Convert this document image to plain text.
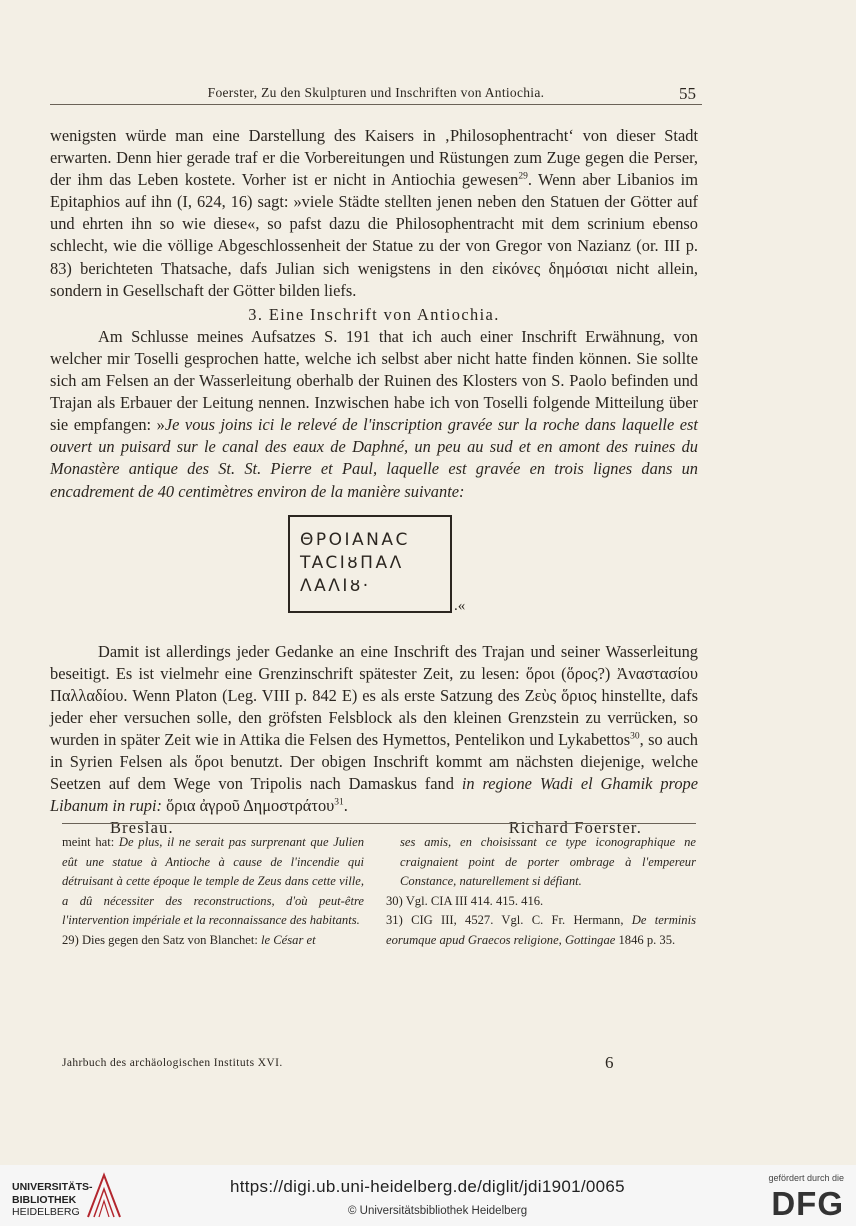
Foerster, Zu den Skulpturen und Inschriften von Antiochia.	55

wenigsten würde man eine Darstellung des Kaisers in ‚Philosophentracht‘ von dieser Stadt erwarten. Denn hier gerade traf er die Vorbereitungen und Rüstungen zum Zuge gegen die Perser, der ihm das Leben kostete. Vorher ist er nicht in Antiochia gewesen$^{29}$. Wenn aber Libanios im Epitaphios auf ihn (I, 624, 16) sagt: »viele Städte stellten jenen neben den Statuen der Götter auf und ehrten ihn so wie diese«, so pafst dazu die Philosophentracht mit dem scrinium ebenso schlecht, wie die völlige Abgeschlossenheit der Statue zu der von Gregor von Nazianz (or. III p. 83) berichteten Thatsache, dafs Julian sich wenigstens in den εἰκόνες δημόσιαι nicht allein, sondern in Gesellschaft der Götter bilden liefs.

3. Eine Inschrift von Antiochia.

Am Schlusse meines Aufsatzes S. 191 that ich auch einer Inschrift Erwähnung, von welcher mir Toselli gesprochen hatte, welche ich selbst aber nicht hatte finden können. Sie sollte sich am Felsen an der Wasserleitung oberhalb der Ruinen des Klosters von S. Paolo befinden und Trajan als Erbauer der Leitung nennen. Inzwischen habe ich von Toselli folgende Mitteilung über sie empfangen: »Je vous joins ici le relevé de l'inscription gravée sur la roche dans laquelle est ouvert un puisard sur le canal des eaux de Daphné, un peu au sud et en amont des ruines du Monastère antique des St. St. Pierre et Paul, laquelle est gravée en trois lignes dans un encadrement de 40 centimètres environ de la manière suivante:

ΘΡΟΙΑΝΑC
TACIȣΠΑΛ
ΛΑΛΙȣ·
.«

Damit ist allerdings jeder Gedanke an eine Inschrift des Trajan und seiner Wasserleitung beseitigt. Es ist vielmehr eine Grenzinschrift spätester Zeit, zu lesen: ὅροι (ὅρος?) Ἀναστασίου Παλλαδίου. Wenn Platon (Leg. VIII p. 842 E) es als erste Satzung des Ζεὺς ὅριος hinstellte, dafs jeder eher versuchen solle, den gröfsten Felsblock als den kleinen Grenzstein zu verrücken, so wurden in später Zeit wie in Attika die Felsen des Hymettos, Pentelikon und Lykabettos$^{30}$, so auch in Syrien Felsen als ὅροι benutzt. Der obigen Inschrift kommt am nächsten diejenige, welche Seetzen auf dem Wege von Tripolis nach Damaskus fand in regione Wadi el Ghamik prope Libanum in rupi: ὅρια ἀγροῦ Δημοστράτου$^{31}$.

Breslau.	Richard Foerster.

meint hat: De plus, il ne serait pas surprenant que Julien eût une statue à Antioche à cause de l'incendie qui détruisant à cette époque le temple de Zeus dans cette ville, a dû nécessiter des reconstructions, d'où peut-être l'intervention impériale et la reconnaissance des habitants.

29) Dies gegen den Satz von Blanchet: le César et

ses amis, en choisissant ce type iconographique ne craignaient point de porter ombrage à l'empereur Constance, naturellement si défiant.

30) Vgl. CIA III 414. 415. 416.

31) CIG III, 4527. Vgl. C. Fr. Hermann, De terminis eorumque apud Graecos religione, Gottingae 1846 p. 35.

Jahrbuch des archäologischen Instituts XVI.	6
UNIVERSITÄTS-
BIBLIOTHEK
HEIDELBERG
https://digi.ub.uni-heidelberg.de/diglit/jdi1901/0065
© Universitätsbibliothek Heidelberg
gefördert durch die
DFG
